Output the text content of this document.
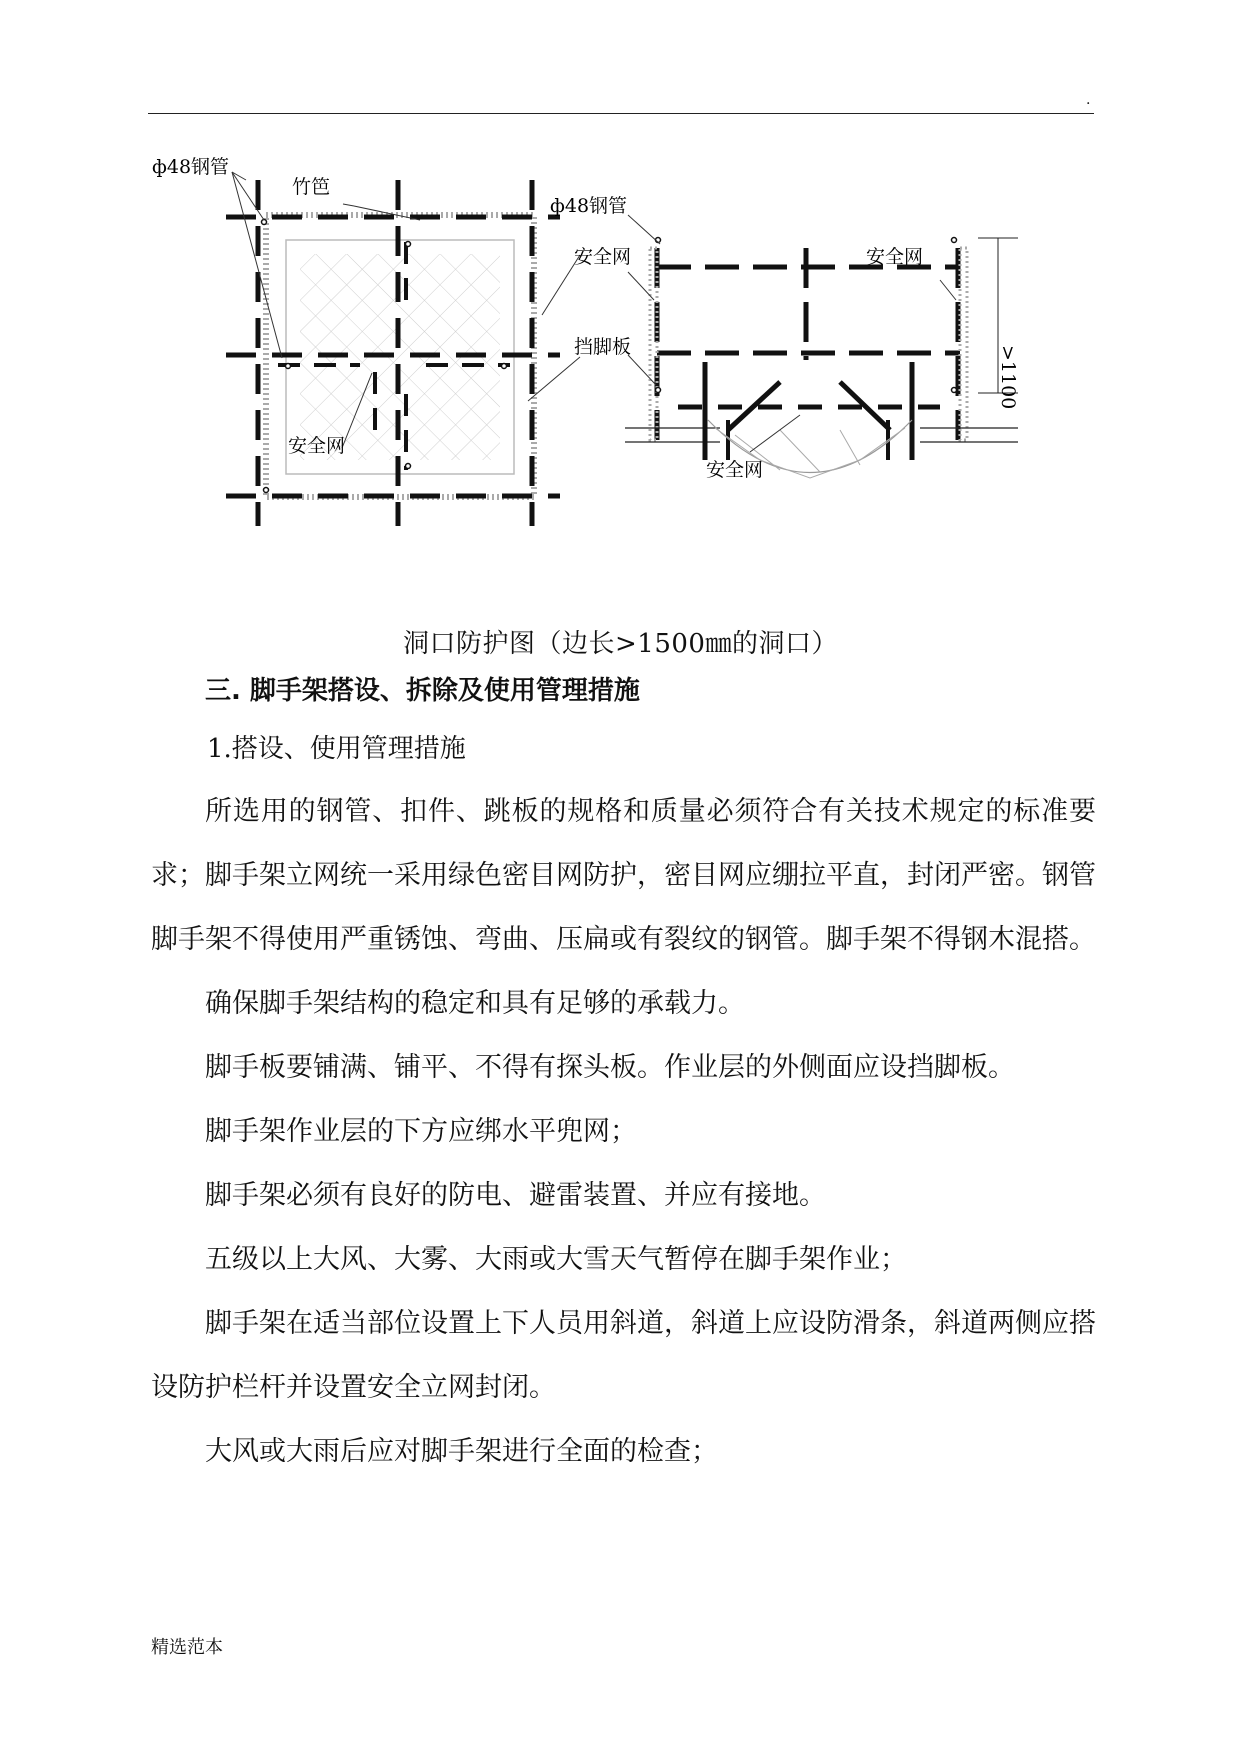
.
ф48钢管
竹笆
ф48钢管
安全网
挡脚板
安全网
安全网
安全网
>1100
洞口防护图（边长>1500㎜的洞口）
三. 脚手架搭设、拆除及使用管理措施
1.搭设、使用管理措施

所选用的钢管、扣件、跳板的规格和质量必须符合有关技术规定的标准要求；脚手架立网统一采用绿色密目网防护，密目网应绷拉平直，封闭严密。钢管脚手架不得使用严重锈蚀、弯曲、压扁或有裂纹的钢管。脚手架不得钢木混搭。

确保脚手架结构的稳定和具有足够的承载力。

脚手板要铺满、铺平、不得有探头板。作业层的外侧面应设挡脚板。

脚手架作业层的下方应绑水平兜网；

脚手架必须有良好的防电、避雷装置、并应有接地。

五级以上大风、大雾、大雨或大雪天气暂停在脚手架作业；

脚手架在适当部位设置上下人员用斜道，斜道上应设防滑条，斜道两侧应搭设防护栏杆并设置安全立网封闭。

大风或大雨后应对脚手架进行全面的检查；

精选范本
